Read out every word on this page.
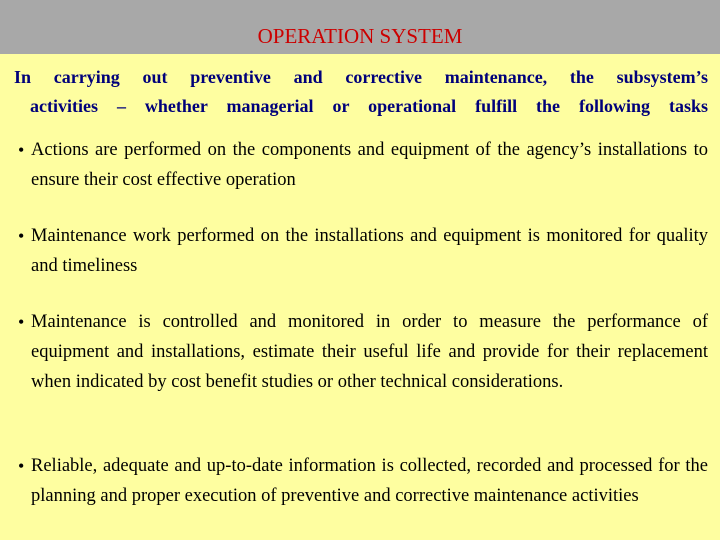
OPERATION SYSTEM

In carrying out preventive and corrective maintenance, the subsystem’s
activities – whether managerial or operational fulfill the following tasks

• Actions are performed on the components and equipment of the agency’s installations to ensure their cost effective operation
• Maintenance work performed on the installations and equipment is monitored for quality and timeliness
• Maintenance is controlled and monitored in order to measure the performance of equipment and installations, estimate their useful life and provide for their replacement when indicated by cost benefit studies or other technical considerations.
• Reliable, adequate and up-to-date information is collected, recorded and processed for the planning and proper execution of preventive and corrective maintenance activities
